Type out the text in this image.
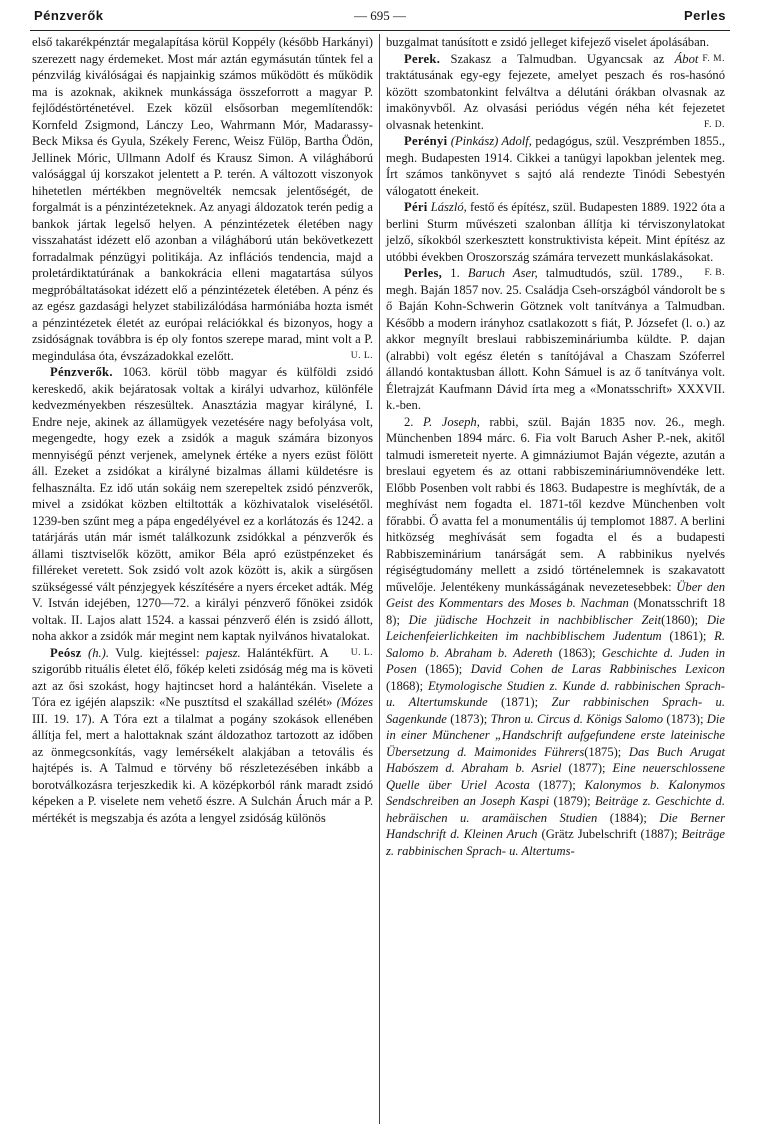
Pénzverők	— 695 —	Perles

első takarékpénztár megalapítása körül Koppély (később Harkányi) szerezett nagy érdemeket. Most már aztán egymásután tűntek fel a pénzvilág kiválóságai és napjainkig számos működött és működik ma is azoknak, akiknek munkássága összeforrott a magyar P. fejlődéstörténetével. Ezek közül elsősorban megemlítendők: Kornfeld Zsigmond, Lánczy Leo, Wahrmann Mór, Madarassy-Beck Miksa és Gyula, Székely Ferenc, Weisz Fülöp, Bartha Ödön, Jellinek Móric, Ullmann Adolf és Krausz Simon. A világháború valósággal új korszakot jelentett a P. terén. A változott viszonyok hihetetlen mértékben megnövelték nemcsak jelentőségét, de forgalmát is a pénzintézeteknek. Az anyagi áldozatok terén pedig a bankok jártak legelső helyen. A pénzintézetek életében nagy visszahatást idézett elő azonban a világháború után bekövetkezett forradalmak pénzügyi politikája. Az inflációs tendencia, majd a proletárdiktatúrának a bankokrácia elleni magatartása súlyos megpróbáltatásokat idézett elő a pénzintézetek életében. A pénz és az egész gazdasági helyzet stabilizálódása harmóniába hozta ismét a pénzintézetek életét az európai relációkkal és bizonyos, hogy a zsidóságnak továbbra is ép oly fontos szerepe marad, mint volt a P. megindulása óta, évszázadokkal ezelőtt.	U. L.

Pénzverők. 1063. körül több magyar és külföldi zsidó kereskedő, akik bejáratosak voltak a királyi udvarhoz, különféle kedvezményekben részesültek. Anasztázia magyar királyné, I. Endre neje, akinek az államügyek vezetésére nagy befolyása volt, megengedte, hogy ezek a zsidók a maguk számára bizonyos mennyiségű pénzt verjenek, amelynek értéke a nyers ezüst fölött áll. Ezeket a zsidókat a királyné bizalmas állami küldetésre is felhasználta. Ez idő után sokáig nem szerepeltek zsidó pénzverők, mivel a zsidókat közben eltiltották a közhivatalok viselésétől. 1239-ben szűnt meg a pápa engedélyével ez a korlátozás és 1242. a tatárjárás után már ismét találkozunk zsidókkal a pénzverők és állami tisztviselők között, amikor Béla apró ezüstpénzeket és filléreket veretett. Sok zsidó volt azok között is, akik a sürgősen szükségessé vált pénzjegyek készítésére a nyers érceket adták. Még V. István idejében, 1270—72. a királyi pénzverő főnökei zsidók voltak. II. Lajos alatt 1524. a kassai pénzverő élén is zsidó állott, noha akkor a zsidók már megint nem kaptak nyilvános hivatalokat.
U. L.

Peósz (h.). Vulg. kiejtéssel: pajesz. Halántékfürt. A szigorúbb rituális életet élő, főkép keleti zsidóság még ma is követi azt az ősi szokást, hogy hajtincset hord a halántékán. Viselete a Tóra ez igéjén alapszik: «Ne pusztítsd el szakállad szélét» (Mózes III. 19. 17). A Tóra ezt a tilalmat a pogány szokások ellenében állítja fel, mert a halottaknak szánt áldozathoz tartozott az időben az önmegcsonkítás, vagy lemérsékelt alakjában a tetovális és hajtépés is. A Talmud e törvény bő részletezésében inkább a borotválkozásra terjeszkedik ki. A középkorból ránk maradt zsidó képeken a P. viselete nem vehető észre. A Sulchán Áruch már a P. mértékét is megszabja és azóta a lengyel zsidóság különös

buzgalmat tanúsított e zsidó jelleget kifejező viselet ápolásában.
F. M.

Perek. Szakasz a Talmudban. Ugyancsak az Ábot traktátusának egy-egy fejezete, amelyet peszach és ros-hasónó között szombatonkint felváltva a délutáni órákban olvasnak az imakönyvből. Az olvasási periódus végén néha két fejezetet olvasnak hetenkint.	F. D.

Perényi (Pinkász) Adolf, pedagógus, szül. Veszprémben 1855., megh. Budapesten 1914. Cikkei a tanügyi lapokban jelentek meg. Írt számos tankönyvet s sajtó alá rendezte Tinódi Sebestyén válogatott énekeit.

Péri László, festő és építész, szül. Budapesten 1889. 1922 óta a berlini Sturm művészeti szalonban állítja ki térviszonylatokat jelző, síkokból szerkesztett konstruktivista képeit. Mint építész az utóbbi években Oroszország számára tervezett munkáslakásokat.
F. B.

Perles, 1. Baruch Aser, talmudtudós, szül. 1789., megh. Baján 1857 nov. 25. Családja Cseh-országból vándorolt be s ő Baján Kohn-Schwerin Götznek volt tanítványa a Talmudban. Később a modern irányhoz csatlakozott s fiát, P. Józsefet (l. o.) az akkor megnyílt breslaui rabbiszemináriumba küldte. P. dajan (alrabbi) volt egész életén s tanítójával a Chaszam Szóferrel állandó kontaktusban állott. Kohn Sámuel is az ő tanítványa volt. Életrajzát Kaufmann Dávid írta meg a «Monatsschrift» XXXVII. k.-ben.

2. P. Joseph, rabbi, szül. Baján 1835 nov. 26., megh. Münchenben 1894 márc. 6. Fia volt Baruch Asher P.-nek, akitől talmudi ismereteit nyerte. A gimnáziumot Baján végezte, azután a breslaui egyetem és az ottani rabbiszemináriumnövendéke lett. Előbb Posenben volt rabbi és 1863. Budapestre is meghívták, de a meghívást nem fogadta el. 1871-től kezdve Münchenben volt főrabbi. Ő avatta fel a monumentális új templomot 1887. A berlini hitközség meghívását sem fogadta el és a budapesti Rabbiszeminárium tanárságát sem. A rabbinikus nyelvés régiségtudomány mellett a zsidó történelemnek is szakavatott művelője. Jelentékeny munkásságának nevezetesebbek: Über den Geist des Kommentars des Moses b. Nachman (Monatsschrift 18 8); Die jüdische Hochzeit in nachbiblischer Zeit(1860); Die Leichenfeierlichkeiten im nachbiblischem Judentum (1861); R. Salomo b. Abraham b. Adereth (1863); Geschichte d. Juden in Posen (1865); David Cohen de Laras Rabbinisches Lexicon (1868); Etymologische Studien z. Kunde d. rabbinischen Sprach- u. Altertumskunde (1871); Zur rabbinischen Sprach- u. Sagenkunde (1873); Thron u. Circus d. Königs Salomo (1873); Die in einer Münchener „Handschrift aufgefundene erste lateinische Übersetzung d. Maimonides Führers(1875); Das Buch Arugat Habószem d. Abraham b. Asriel (1877); Eine neuerschlossene Quelle über Uriel Acosta (1877); Kalonymos b. Kalonymos Sendschreiben an Joseph Kaspi (1879); Beiträge z. Geschichte d. hebräischen u. aramäischen Studien (1884); Die Berner Handschrift d. Kleinen Aruch (Grätz Jubelschrift (1887); Beiträge z. rabbinischen Sprach- u. Altertums-
